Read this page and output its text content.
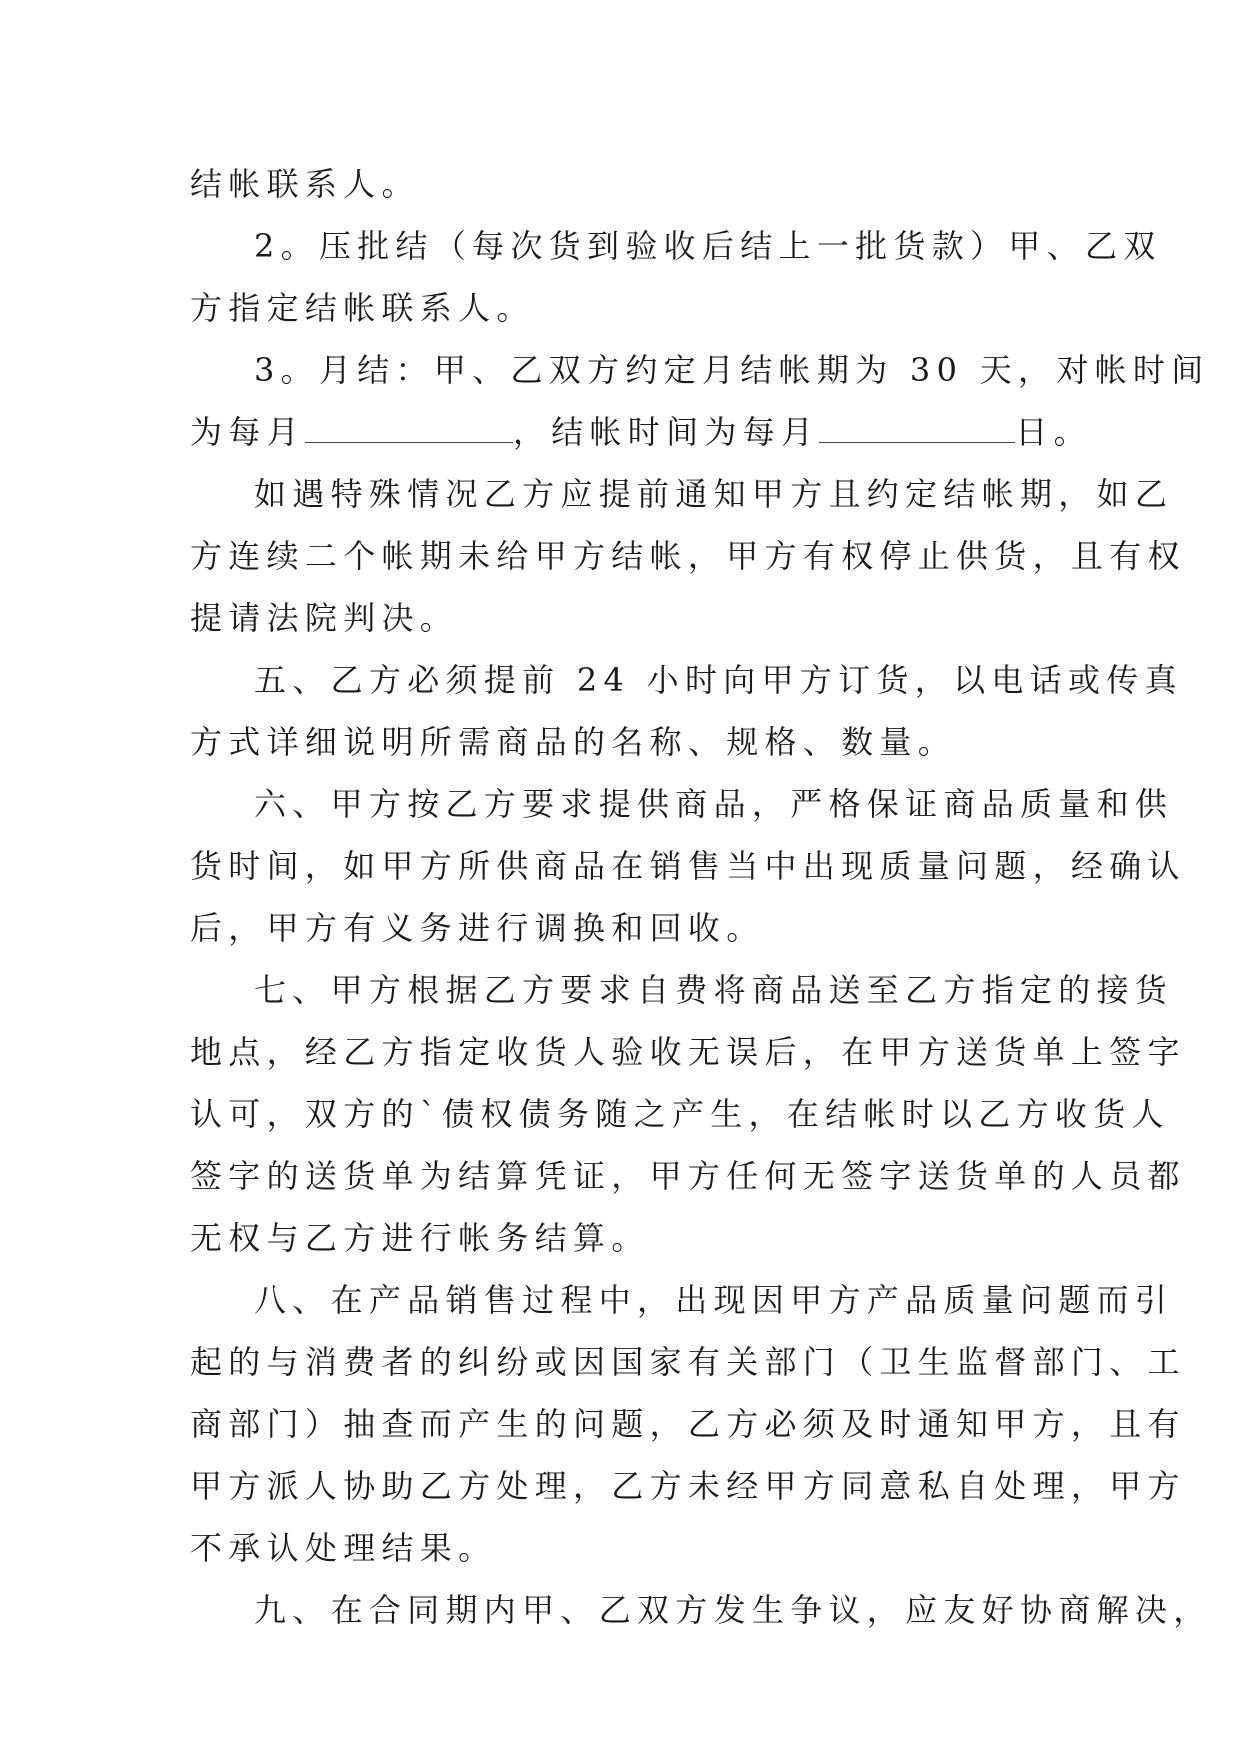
结帐联系人。
2。压批结（每次货到验收后结上一批货款）甲、乙双
方指定结帐联系人。
3。月结：甲、乙双方约定月结帐期为 30 天，对帐时间
为每月	，结帐时间为每月	日。
如遇特殊情况乙方应提前通知甲方且约定结帐期，如乙
方连续二个帐期未给甲方结帐，甲方有权停止供货，且有权
提请法院判决。
五、乙方必须提前 24 小时向甲方订货，以电话或传真
方式详细说明所需商品的名称、规格、数量。
六、甲方按乙方要求提供商品，严格保证商品质量和供
货时间，如甲方所供商品在销售当中出现质量问题，经确认
后，甲方有义务进行调换和回收。
七、甲方根据乙方要求自费将商品送至乙方指定的接货
地点，经乙方指定收货人验收无误后，在甲方送货单上签字
认可，双方的`债权债务随之产生，在结帐时以乙方收货人
签字的送货单为结算凭证，甲方任何无签字送货单的人员都
无权与乙方进行帐务结算。
八、在产品销售过程中，出现因甲方产品质量问题而引
起的与消费者的纠纷或因国家有关部门（卫生监督部门、工
商部门）抽查而产生的问题，乙方必须及时通知甲方，且有
甲方派人协助乙方处理，乙方未经甲方同意私自处理，甲方
不承认处理结果。
九、在合同期内甲、乙双方发生争议，应友好协商解决，
